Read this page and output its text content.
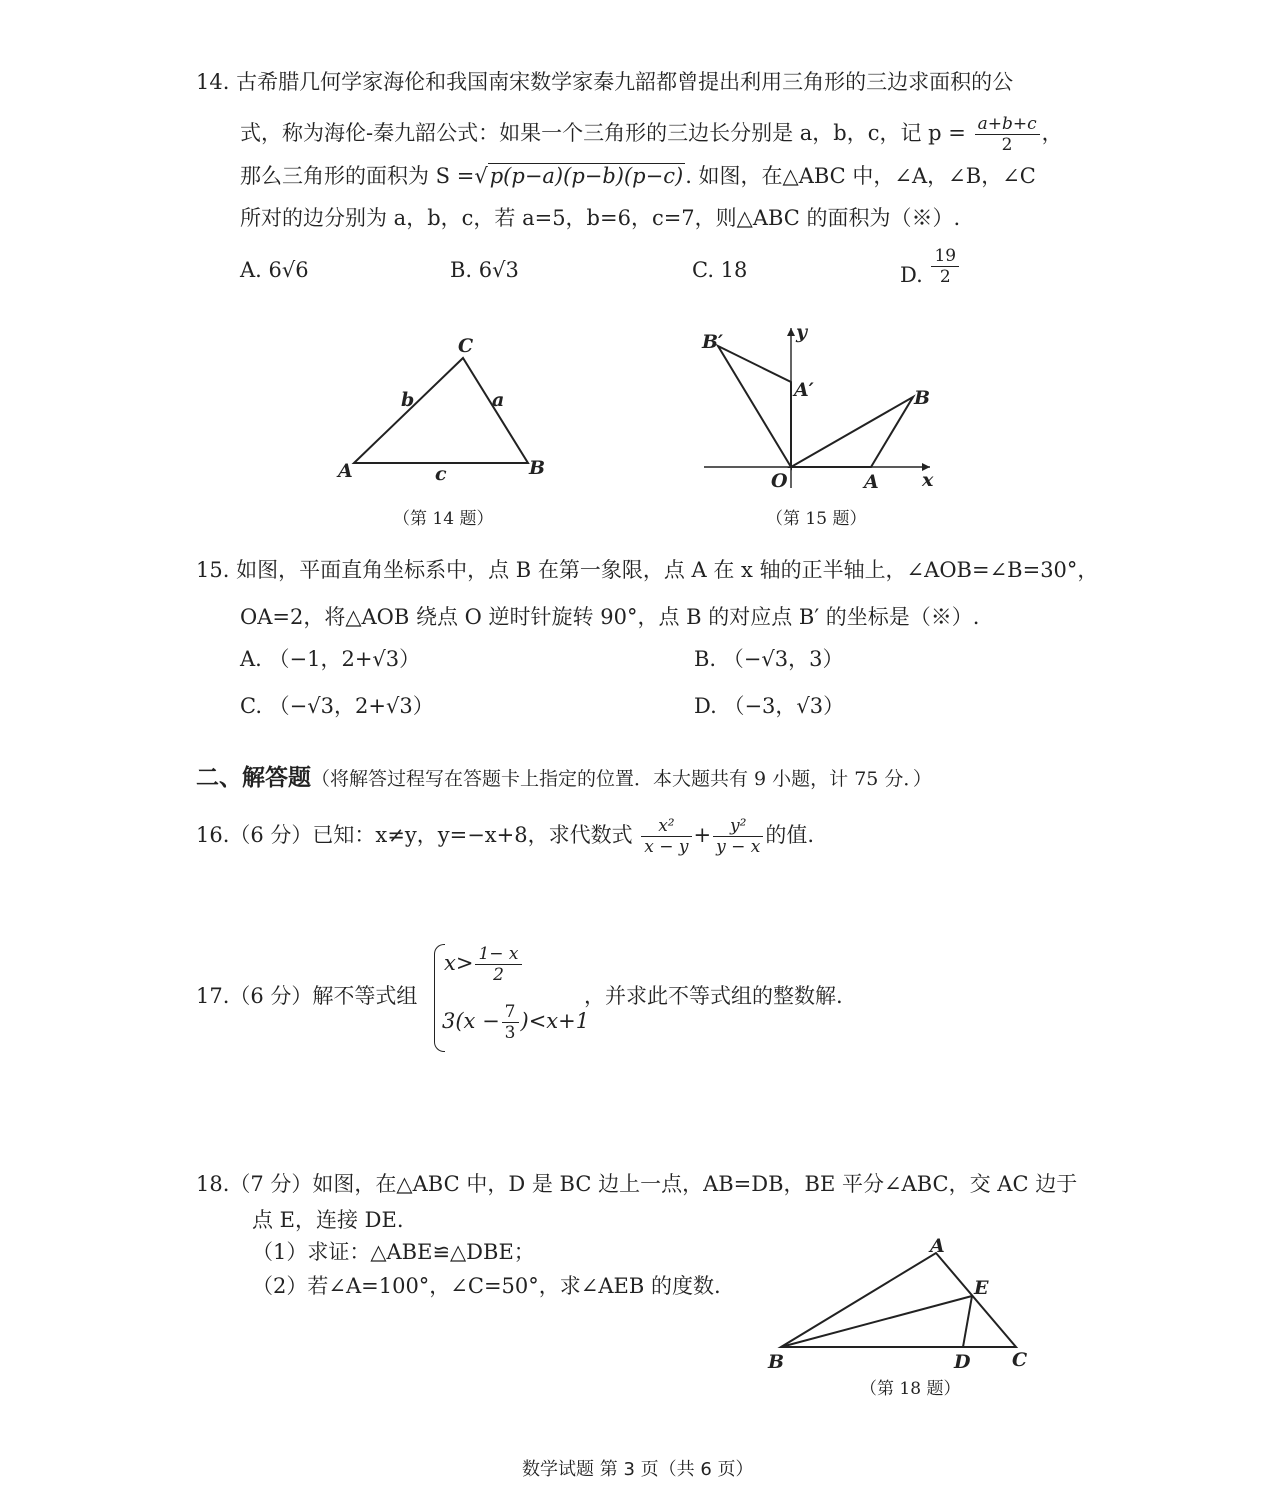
14. 古希腊几何学家海伦和我国南宋数学家秦九韶都曾提出利用三角形的三边求面积的公
式，称为海伦-秦九韶公式：如果一个三角形的三边长分别是 a，b，c，记 $p = \frac{a+b+c}{2}$ ，
那么三角形的面积为 S =√p(p−a)(p−b)(p−c). 如图，在△ABC 中，∠A，∠B，∠C
所对的边分别为 a，b，c，若 a=5，b=6，c=7，则△ABC 的面积为（※）.
A. 6√6	B. 6√3	C. 18	D. $\frac{19}{2}$
C
A	B
b	a
c
（第 14 题）
B′	y
A′	B
O	A x
（第 15 题）
15. 如图，平面直角坐标系中，点 B 在第一象限，点 A 在 x 轴的正半轴上，∠AOB=∠B=30°，
OA=2，将△AOB 绕点 O 逆时针旋转 90°，点 B 的对应点 B′ 的坐标是（※）.
A. （−1，2+√3）	B. （−√3，3）
C. （−√3，2+√3）	D. （−3，√3）
二、解答题（将解答过程写在答题卡上指定的位置．本大题共有 9 小题，计 75 分．）
16.（6 分）已知：x≠y，y=−x+8，求代数式 $\frac{\text{x²}}{x - y} + \frac{\text{y²}}{y - x}$ 的值.
17.（6 分）解不等式组
$x> \frac{1- x}{2}$
$3(x - \frac{7}{3} )<x+1$
，并求此不等式组的整数解.
18.（7 分）如图，在△ABC 中，D 是 BC 边上一点，AB=DB，BE 平分∠ABC，交 AC 边于
点 E，连接 DE.
（1）求证：△ABE≌△DBE；
（2）若∠A=100°，∠C=50°，求∠AEB 的度数.
A
E
B	D C
（第 18 题）
数学试题 第 3 页（共 6 页）
